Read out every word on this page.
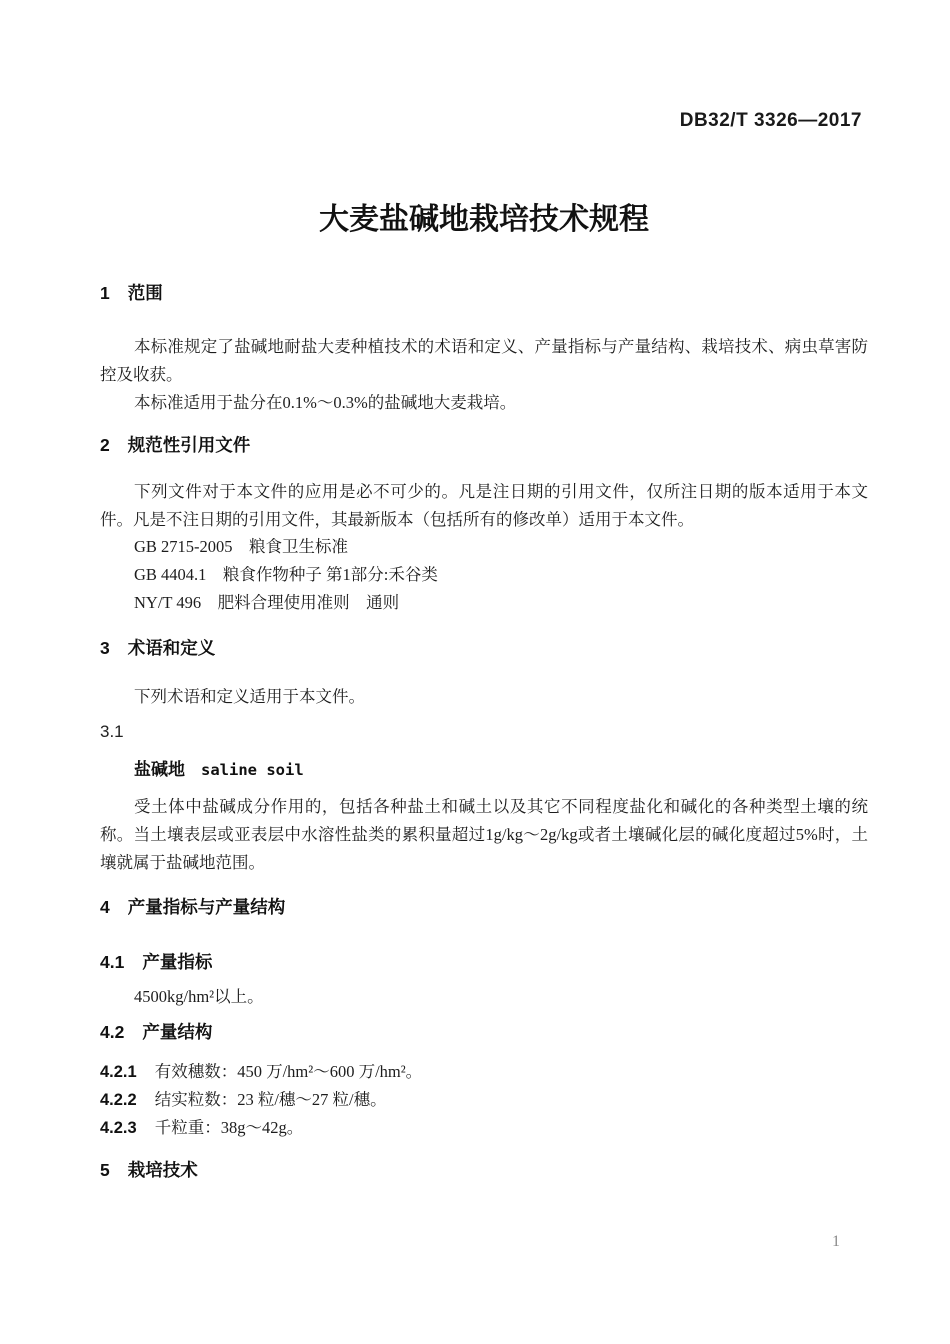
DB32/T 3326—2017
大麦盐碱地栽培技术规程
1 范围

本标准规定了盐碱地耐盐大麦种植技术的术语和定义、产量指标与产量结构、栽培技术、病虫草害防控及收获。

本标准适用于盐分在0.1%～0.3%的盐碱地大麦栽培。

2 规范性引用文件

下列文件对于本文件的应用是必不可少的。凡是注日期的引用文件，仅所注日期的版本适用于本文件。凡是不注日期的引用文件，其最新版本（包括所有的修改单）适用于本文件。

GB 2715-2005　粮食卫生标准
GB 4404.1　粮食作物种子 第1部分:禾谷类
NY/T 496　肥料合理使用准则　通则
3 术语和定义

下列术语和定义适用于本文件。

3.1
盐碱地 saline soil

受土体中盐碱成分作用的，包括各种盐土和碱土以及其它不同程度盐化和碱化的各种类型土壤的统称。当土壤表层或亚表层中水溶性盐类的累积量超过1g/kg～2g/kg或者土壤碱化层的碱化度超过5%时，土壤就属于盐碱地范围。

4 产量指标与产量结构
4.1 产量指标

4500kg/hm²以上。

4.2 产量结构
4.2.1 有效穗数：450 万/hm²～600 万/hm²。
4.2.2 结实粒数：23 粒/穗～27 粒/穗。
4.2.3 千粒重：38g～42g。
5 栽培技术
1
